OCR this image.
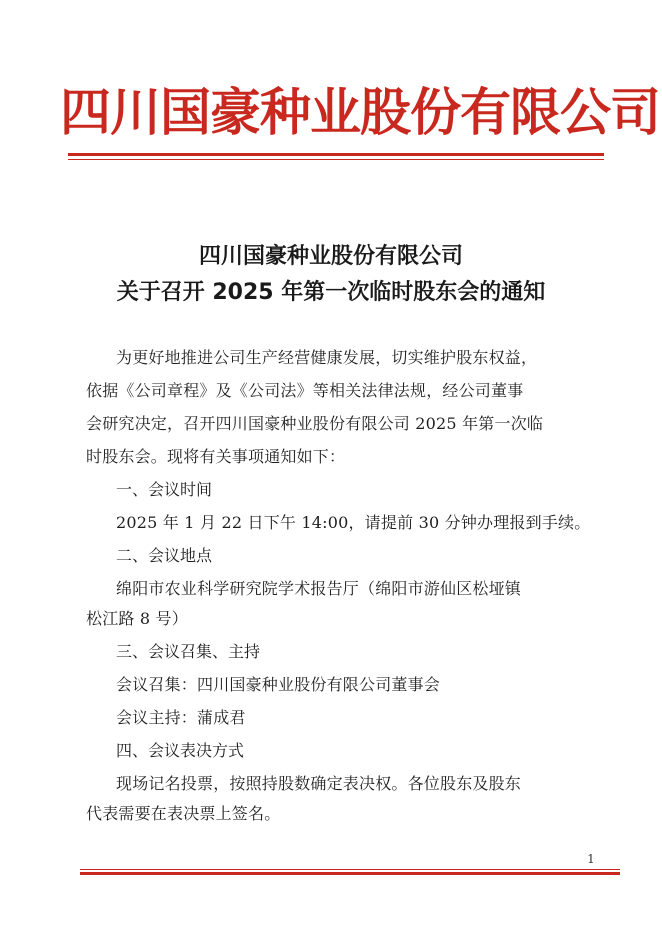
四川国豪种业股份有限公司
四川国豪种业股份有限公司
关于召开 2025 年第一次临时股东会的通知
为更好地推进公司生产经营健康发展，切实维护股东权益，
依据《公司章程》及《公司法》等相关法律法规，经公司董事
会研究决定，召开四川国豪种业股份有限公司 2025 年第一次临
时股东会。现将有关事项通知如下：
一、会议时间
2025 年 1 月 22 日下午 14:00，请提前 30 分钟办理报到手续。
二、会议地点
绵阳市农业科学研究院学术报告厅（绵阳市游仙区松垭镇
松江路 8 号）
三、会议召集、主持
会议召集：四川国豪种业股份有限公司董事会
会议主持：蒲成君
四、会议表决方式
现场记名投票，按照持股数确定表决权。各位股东及股东
代表需要在表决票上签名。
1
